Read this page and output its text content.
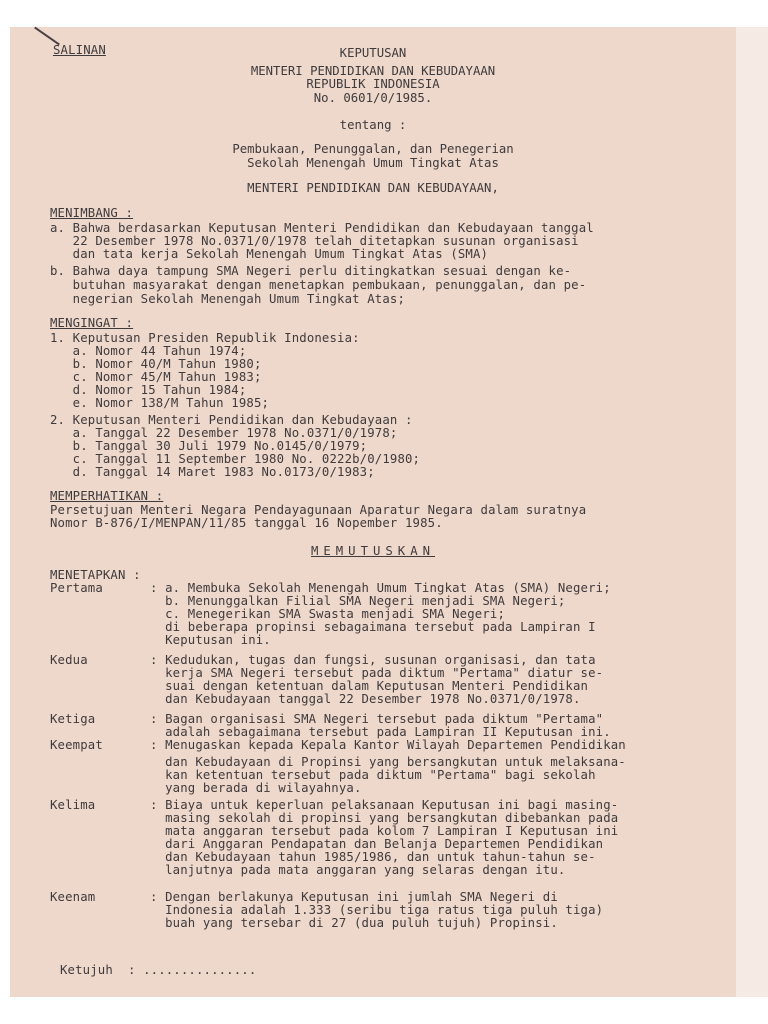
SALINAN	KEPUTUSAN
MENTERI PENDIDIKAN DAN KEBUDAYAAN
REPUBLIK INDONESIA
No. 0601/0/1985.
tentang :
Pembukaan, Penunggalan, dan Penegerian
Sekolah Menengah Umum Tingkat Atas
MENTERI PENDIDIKAN DAN KEBUDAYAAN,
MENIMBANG :
a. Bahwa berdasarkan Keputusan Menteri Pendidikan dan Kebudayaan tanggal
22 Desember 1978 No.0371/0/1978 telah ditetapkan susunan organisasi
dan tata kerja Sekolah Menengah Umum Tingkat Atas (SMA)
b. Bahwa daya tampung SMA Negeri perlu ditingkatkan sesuai dengan ke-
butuhan masyarakat dengan menetapkan pembukaan, penunggalan, dan pe-
negerian Sekolah Menengah Umum Tingkat Atas;
MENGINGAT :
1. Keputusan Presiden Republik Indonesia:
a. Nomor 44 Tahun 1974;
b. Nomor 40/M Tahun 1980;
c. Nomor 45/M Tahun 1983;
d. Nomor 15 Tahun 1984;
e. Nomor 138/M Tahun 1985;
2. Keputusan Menteri Pendidikan dan Kebudayaan :
a. Tanggal 22 Desember 1978 No.0371/0/1978;
b. Tanggal 30 Juli 1979 No.0145/0/1979;
c. Tanggal 11 September 1980 No. 0222b/0/1980;
d. Tanggal 14 Maret 1983 No.0173/0/1983;
MEMPERHATIKAN :
Persetujuan Menteri Negara Pendayagunaan Aparatur Negara dalam suratnya
Nomor B-876/I/MENPAN/11/85 tanggal 16 Nopember 1985.
MEMUTUSKAN
MENETAPKAN :
Pertama	: a. Membuka Sekolah Menengah Umum Tingkat Atas (SMA) Negeri;
b. Menunggalkan Filial SMA Negeri menjadi SMA Negeri;
c. Menegerikan SMA Swasta menjadi SMA Negeri;
di beberapa propinsi sebagaimana tersebut pada Lampiran I
Keputusan ini.
Kedua	: Kedudukan, tugas dan fungsi, susunan organisasi, dan tata
kerja SMA Negeri tersebut pada diktum "Pertama" diatur se-
suai dengan ketentuan dalam Keputusan Menteri Pendidikan
dan Kebudayaan tanggal 22 Desember 1978 No.0371/0/1978.
Ketiga	: Bagan organisasi SMA Negeri tersebut pada diktum "Pertama"
adalah sebagaimana tersebut pada Lampiran II Keputusan ini.
Keempat	: Menugaskan kepada Kepala Kantor Wilayah Departemen Pendidikan
dan Kebudayaan di Propinsi yang bersangkutan untuk melaksana-
kan ketentuan tersebut pada diktum "Pertama" bagi sekolah
yang berada di wilayahnya.
Kelima	: Biaya untuk keperluan pelaksanaan Keputusan ini bagi masing-
masing sekolah di propinsi yang bersangkutan dibebankan pada
mata anggaran tersebut pada kolom 7 Lampiran I Keputusan ini
dari Anggaran Pendapatan dan Belanja Departemen Pendidikan
dan Kebudayaan tahun 1985/1986, dan untuk tahun-tahun se-
lanjutnya pada mata anggaran yang selaras dengan itu.
Keenam	: Dengan berlakunya Keputusan ini jumlah SMA Negeri di
Indonesia adalah 1.333 (seribu tiga ratus tiga puluh tiga)
buah yang tersebar di 27 (dua puluh tujuh) Propinsi.
Ketujuh  : ...............
